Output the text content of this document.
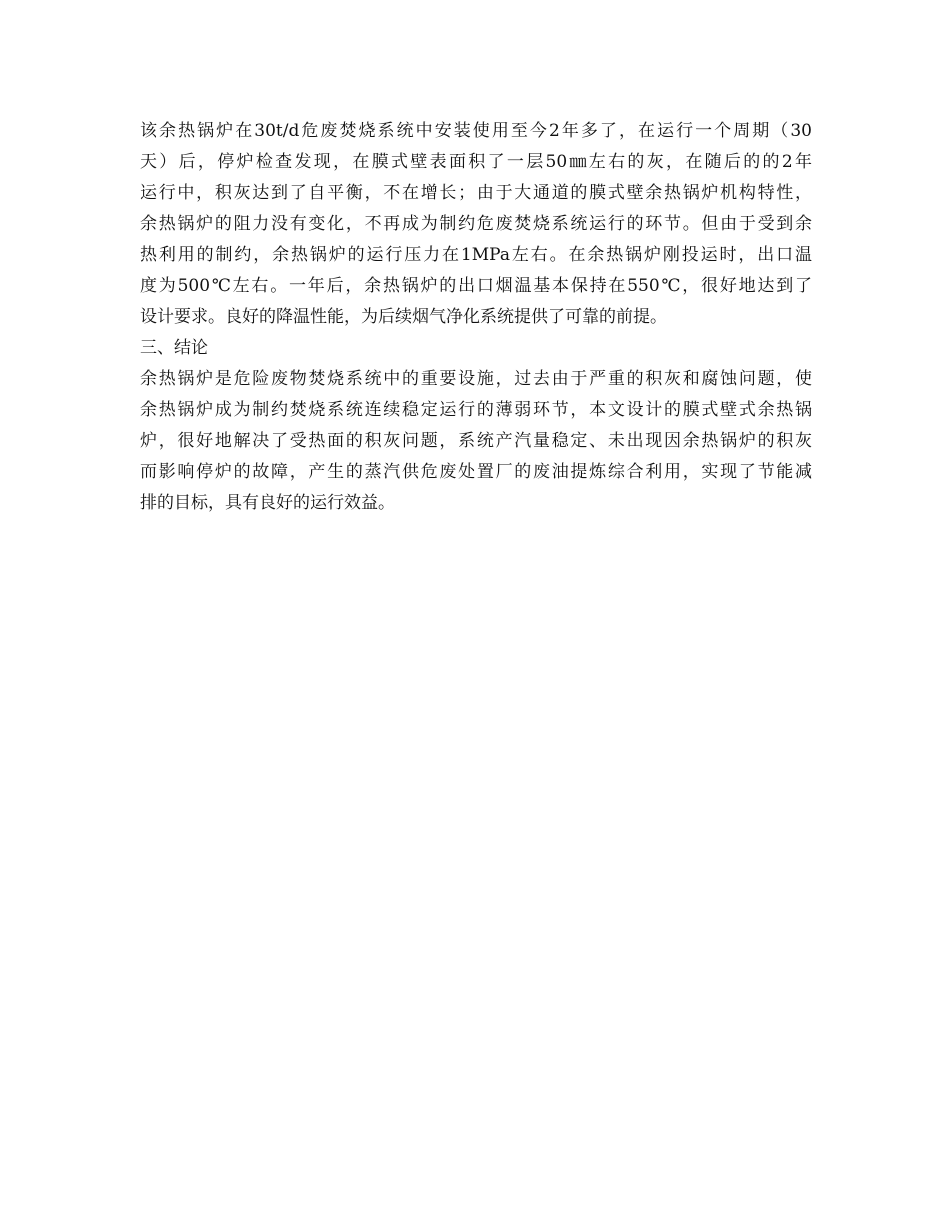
该余热锅炉在30t/d危废焚烧系统中安装使用至今2年多了，在运行一个周期（30
天）后，停炉检查发现，在膜式壁表面积了一层50㎜左右的灰，在随后的的2年
运行中，积灰达到了自平衡，不在增长；由于大通道的膜式壁余热锅炉机构特性，
余热锅炉的阻力没有变化，不再成为制约危废焚烧系统运行的环节。但由于受到余
热利用的制约，余热锅炉的运行压力在1MPa左右。在余热锅炉刚投运时，出口温
度为500℃左右。一年后，余热锅炉的出口烟温基本保持在550℃，很好地达到了
设计要求。良好的降温性能，为后续烟气净化系统提供了可靠的前提。
三、结论
余热锅炉是危险废物焚烧系统中的重要设施，过去由于严重的积灰和腐蚀问题，使
余热锅炉成为制约焚烧系统连续稳定运行的薄弱环节，本文设计的膜式壁式余热锅
炉，很好地解决了受热面的积灰问题，系统产汽量稳定、未出现因余热锅炉的积灰
而影响停炉的故障，产生的蒸汽供危废处置厂的废油提炼综合利用，实现了节能减
排的目标，具有良好的运行效益。
